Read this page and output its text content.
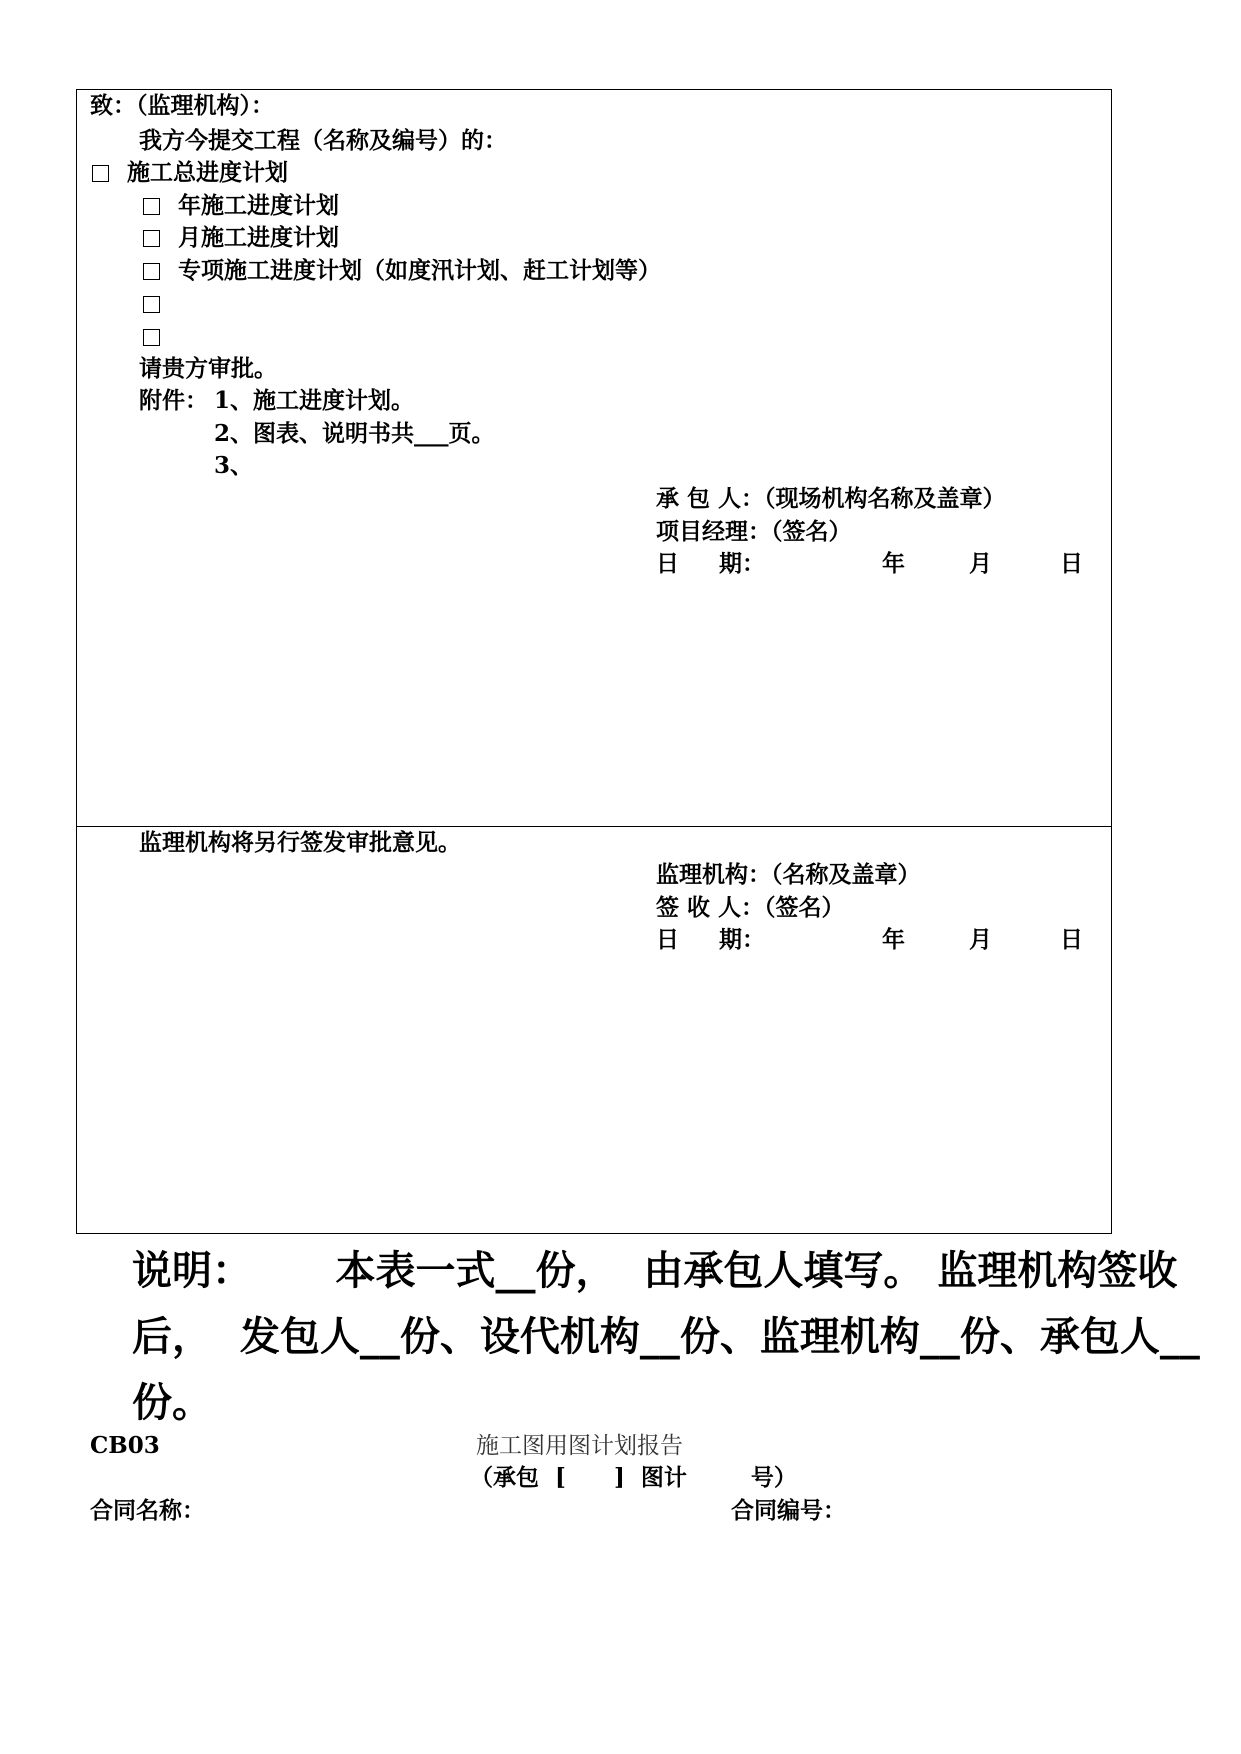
致：（监理机构）：
我方今提交工程（名称及编号）的：
施工总进度计划
年施工进度计划
月施工进度计划
专项施工进度计划（如度汛计划、赶工计划等）
请贵方审批。
附件： 1、施工进度计划。
2、图表、说明书共___页。
3、
承 包 人：（现场机构名称及盖章）
项目经理：（签名）
日     期：	年	月	日
监理机构将另行签发审批意见。
监理机构：（名称及盖章）
签 收 人：（签名）
日     期：	年	月	日
说明：      本表一式__份，  由承包人填写。 监理机构签收
后，  发包人__份、设代机构__份、监理机构__份、承包人__
份。
CB03	施工图用图计划报告
（承包  [      ]  图计        号）
合同名称：	合同编号：
